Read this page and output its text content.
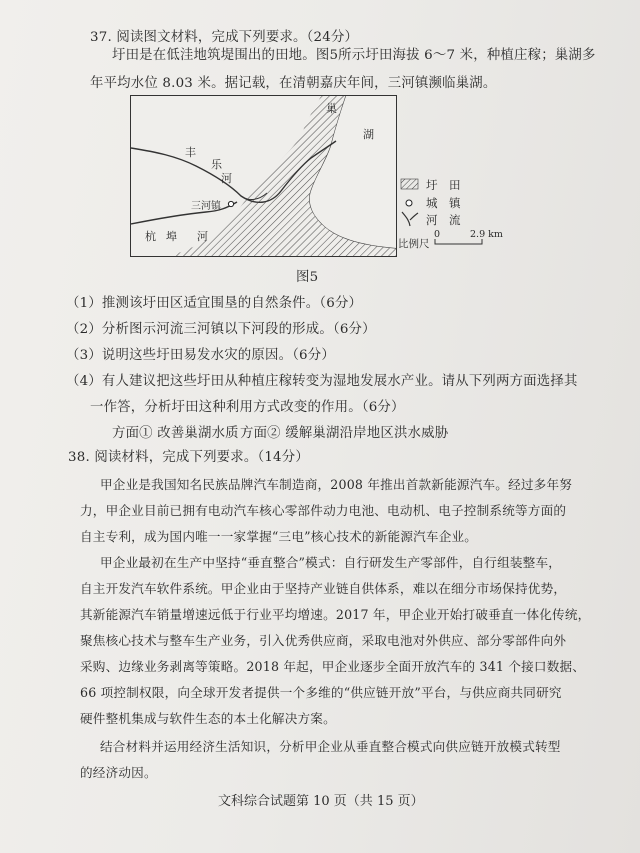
37. 阅读图文材料，完成下列要求。（24分）
圩田是在低洼地筑堤围出的田地。图5所示圩田海拔 6～7 米，种植庄稼；巢湖多
年平均水位 8.03 米。据记载，在清朝嘉庆年间，三河镇濒临巢湖。
巢
湖
丰
乐
河
三河镇
杭 埠 河
圩　田
城　镇
河　流
比例尺
0	2.9 km
图5
（1）推测该圩田区适宜围垦的自然条件。（6分）
（2）分析图示河流三河镇以下河段的形成。（6分）
（3）说明这些圩田易发水灾的原因。（6分）
（4）有人建议把这些圩田从种植庄稼转变为湿地发展水产业。请从下列两方面选择其
一作答，分析圩田这种利用方式改变的作用。（6分）
方面① 改善巢湖水质 方面② 缓解巢湖沿岸地区洪水威胁
38. 阅读材料，完成下列要求。（14分）
甲企业是我国知名民族品牌汽车制造商，2008 年推出首款新能源汽车。经过多年努
力，甲企业目前已拥有电动汽车核心零部件动力电池、电动机、电子控制系统等方面的
自主专利，成为国内唯一一家掌握“三电”核心技术的新能源汽车企业。
甲企业最初在生产中坚持“垂直整合”模式：自行研发生产零部件，自行组装整车，
自主开发汽车软件系统。甲企业由于坚持产业链自供体系，难以在细分市场保持优势，
其新能源汽车销量增速远低于行业平均增速。2017 年，甲企业开始打破垂直一体化传统，
聚焦核心技术与整车生产业务，引入优秀供应商，采取电池对外供应、部分零部件向外
采购、边缘业务剥离等策略。2018 年起，甲企业逐步全面开放汽车的 341 个接口数据、
66 项控制权限，向全球开发者提供一个多维的“供应链开放”平台，与供应商共同研究
硬件整机集成与软件生态的本土化解决方案。
结合材料并运用经济生活知识，分析甲企业从垂直整合模式向供应链开放模式转型
的经济动因。
文科综合试题第 10 页（共 15 页）
